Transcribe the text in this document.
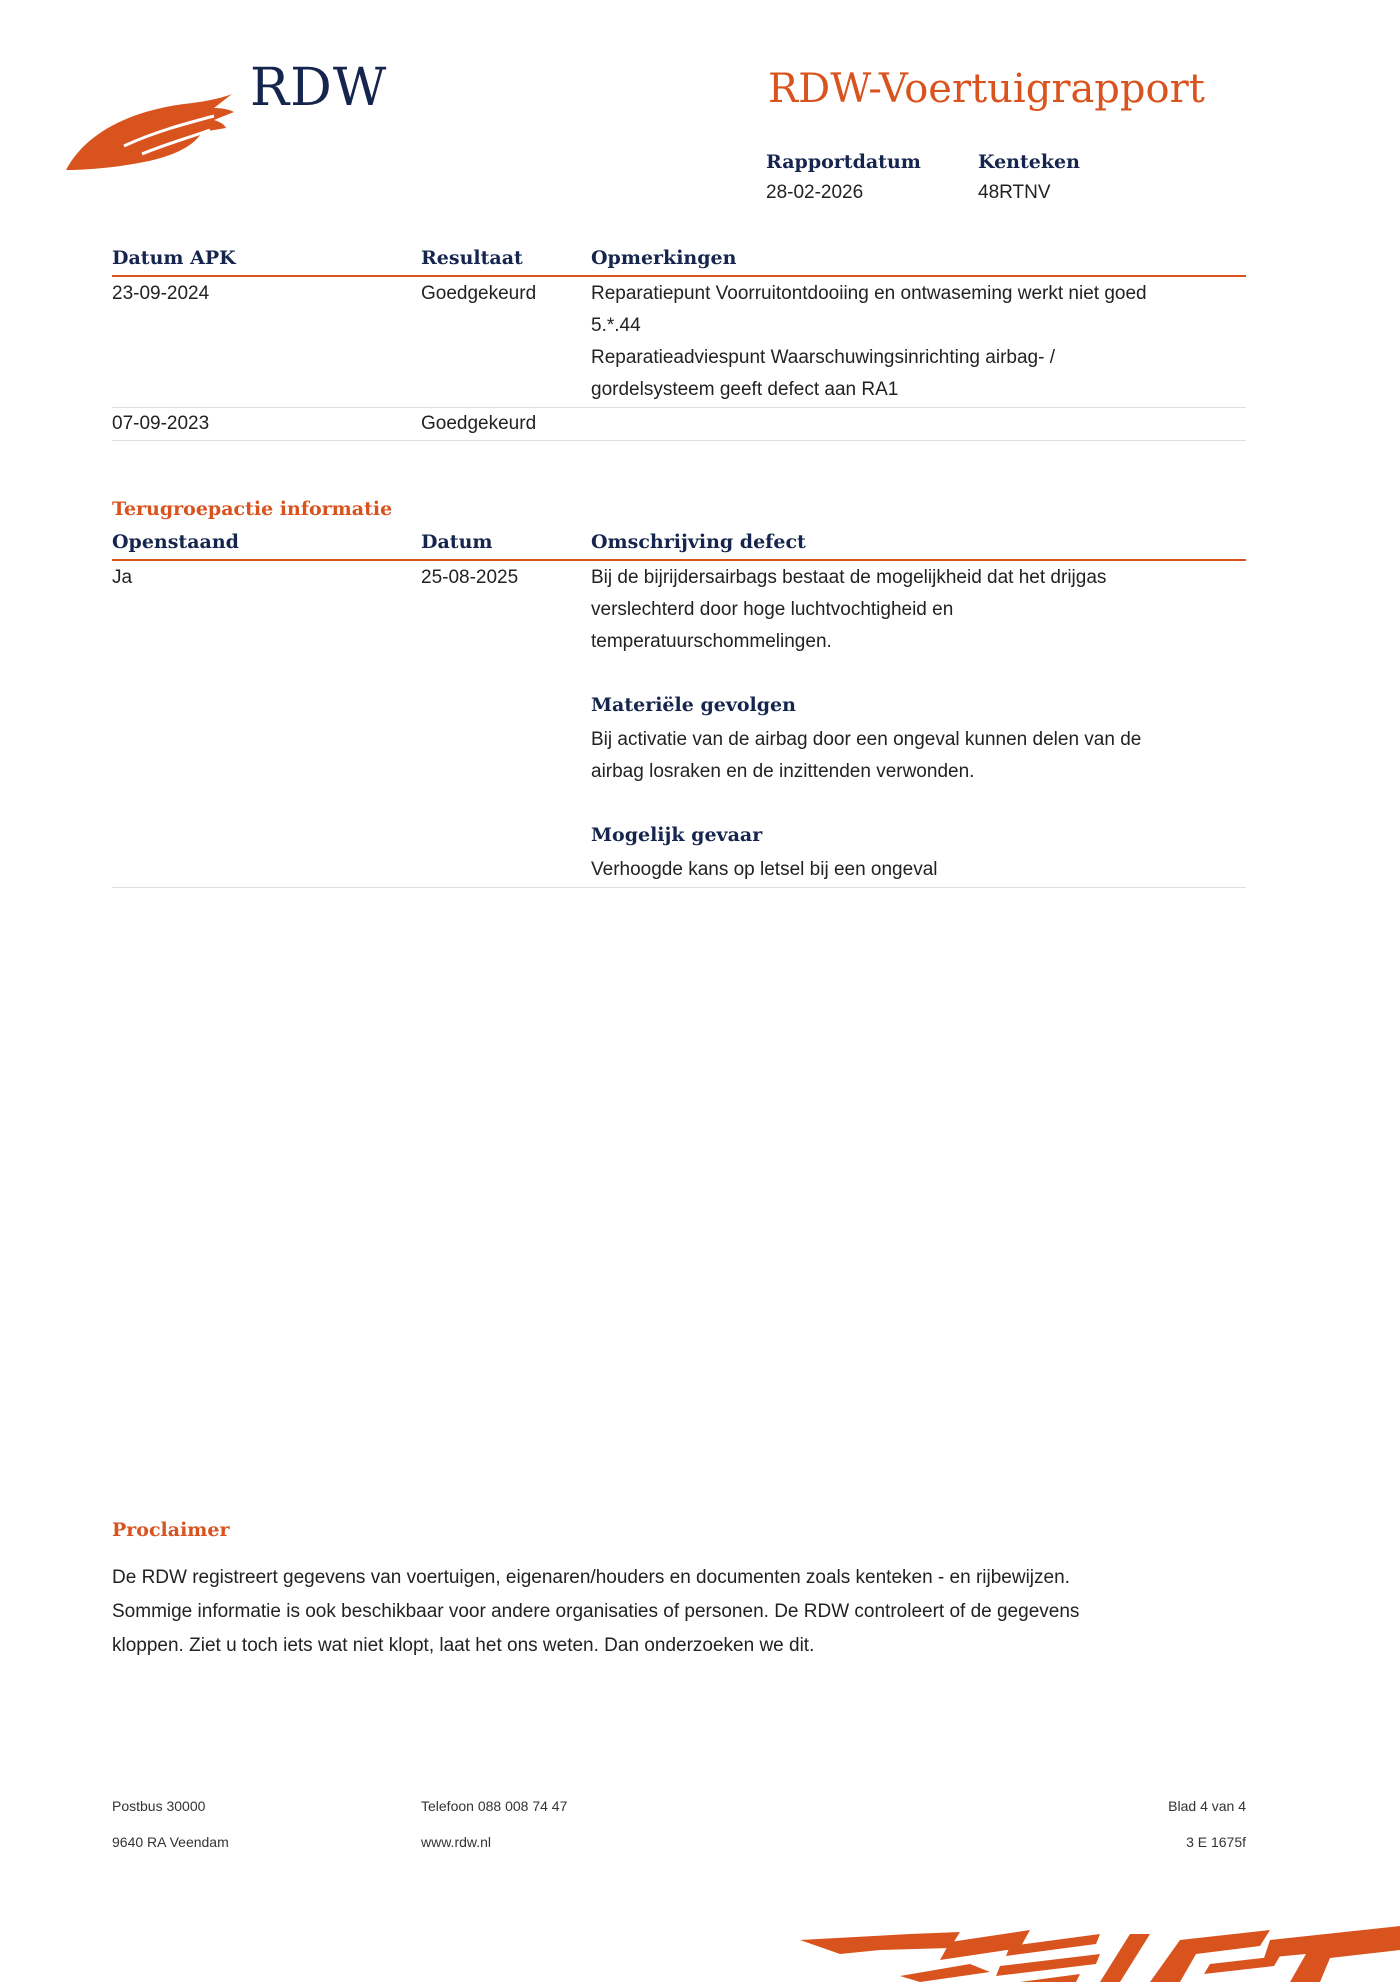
RDW	RDW-Voertuigrapport
Rapportdatum
28-02-2026
Kenteken
48RTNV
Datum APK	Resultaat	Opmerkingen
23-09-2024	Goedgekeurd	Reparatiepunt Voorruitontdooiing en ontwaseming werkt niet goed
5.*.44
Reparatieadviespunt Waarschuwingsinrichting airbag- /
gordelsysteem geeft defect aan RA1
07-09-2023	Goedgekeurd
Terugroepactie informatie
Openstaand	Datum	Omschrijving defect
Ja	25-08-2025	Bij de bijrijdersairbags bestaat de mogelijkheid dat het drijgas
verslechterd door hoge luchtvochtigheid en
temperatuurschommelingen.
Materiële gevolgen
Bij activatie van de airbag door een ongeval kunnen delen van de
airbag losraken en de inzittenden verwonden.
Mogelijk gevaar
Verhoogde kans op letsel bij een ongeval
Proclaimer
De RDW registreert gegevens van voertuigen, eigenaren/houders en documenten zoals kenteken - en rijbewijzen.
Sommige informatie is ook beschikbaar voor andere organisaties of personen. De RDW controleert of de gegevens
kloppen. Ziet u toch iets wat niet klopt, laat het ons weten. Dan onderzoeken we dit.
Postbus 30000
9640 RA Veendam
Telefoon 088 008 74 47
www.rdw.nl
Blad 4 van 4
3 E 1675f
